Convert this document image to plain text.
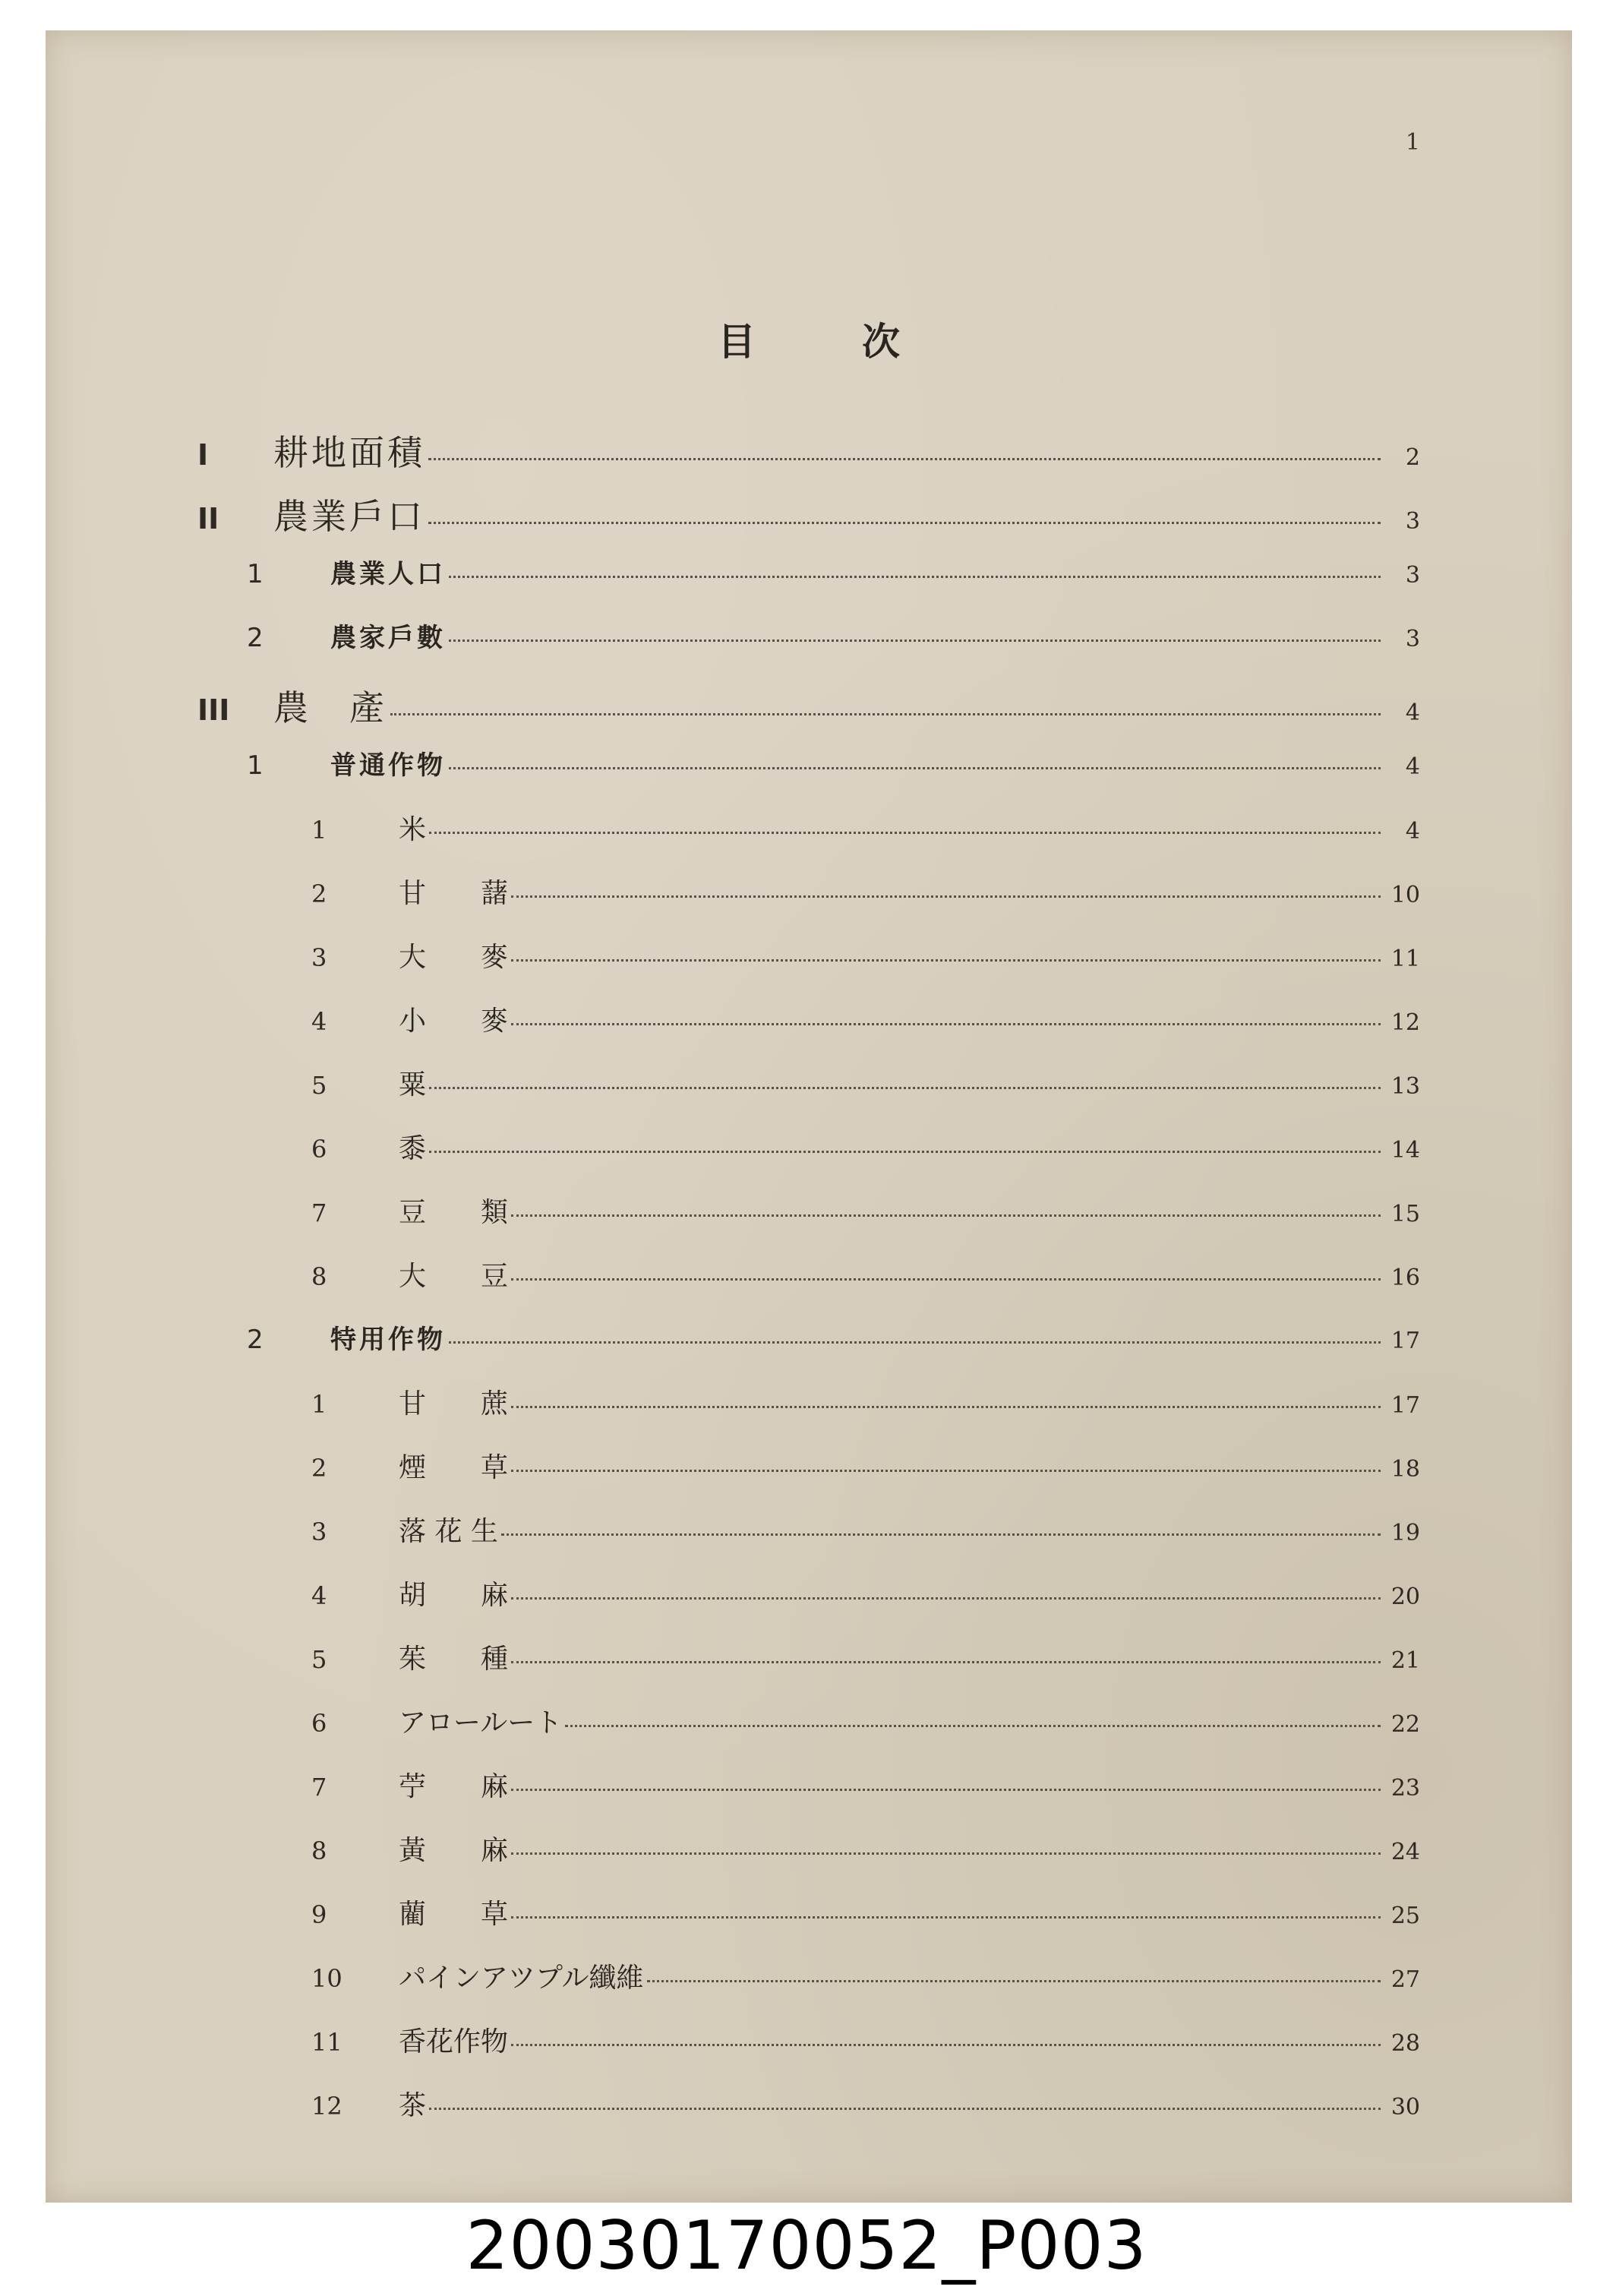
1
目	次
I	耕地面積	2
II	農業戶口	3
1	農業人口	3
2	農家戶數	3
III	農　產	4
1	普通作物	4
1	米	4
2	甘　　藷	10
3	大　　麥	11
4	小　　麥	12
5	粟	13
6	黍	14
7	豆　　類	15
8	大　　豆	16
2	特用作物	17
1	甘　　蔗	17
2	煙　　草	18
3	落 花 生	19
4	胡　　麻	20
5	茱　　種	21
6	アロールート	22
7	苧　　麻	23
8	黃　　麻	24
9	藺　　草	25
10	パインアツプル纖維	27
11	香花作物	28
12	茶	30
20030170052_P003
